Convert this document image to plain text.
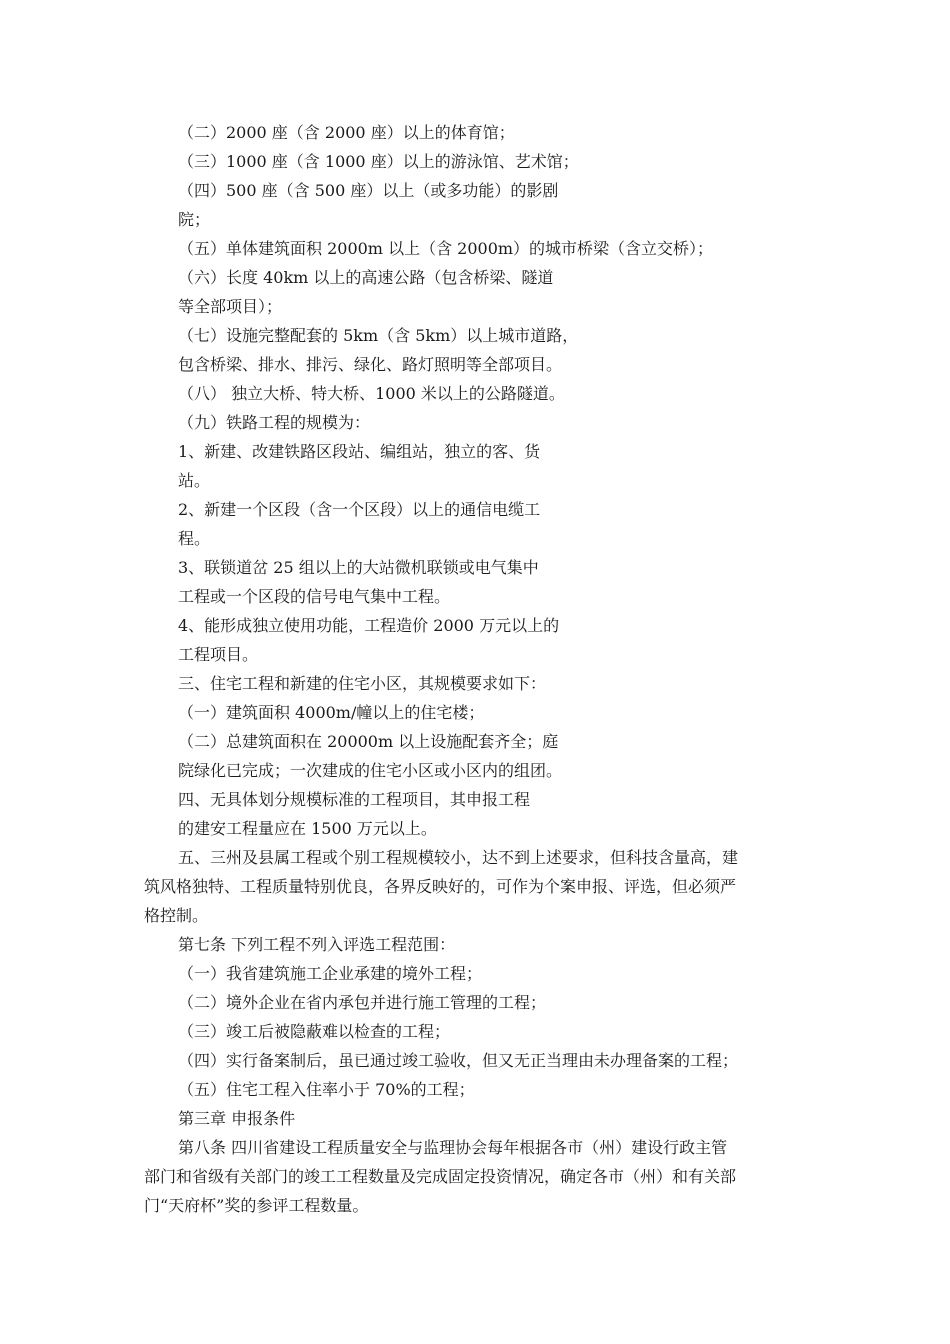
（二）2000 座（含 2000 座）以上的体育馆；
（三）1000 座（含 1000 座）以上的游泳馆、艺术馆；
（四）500 座（含 500 座）以上（或多功能）的影剧
院；
（五）单体建筑面积 2000m 以上（含 2000m）的城市桥梁（含立交桥）；
（六）长度 40km 以上的高速公路（包含桥梁、隧道
等全部项目）；
（七）设施完整配套的 5km（含 5km）以上城市道路，
包含桥梁、排水、排污、绿化、路灯照明等全部项目。
（八） 独立大桥、特大桥、1000 米以上的公路隧道。
（九）铁路工程的规模为：
1、新建、改建铁路区段站、编组站，独立的客、货
站。
2、新建一个区段（含一个区段）以上的通信电缆工
程。
3、联锁道岔 25 组以上的大站微机联锁或电气集中
工程或一个区段的信号电气集中工程。
4、能形成独立使用功能，工程造价 2000 万元以上的
工程项目。
三、住宅工程和新建的住宅小区，其规模要求如下：
（一）建筑面积 4000m/幢以上的住宅楼；
（二）总建筑面积在 20000m 以上设施配套齐全；庭
院绿化已完成；一次建成的住宅小区或小区内的组团。
四、无具体划分规模标准的工程项目，其申报工程
的建安工程量应在 1500 万元以上。
五、三州及县属工程或个别工程规模较小，达不到上述要求，但科技含量高，建
筑风格独特、工程质量特别优良，各界反映好的，可作为个案申报、评选，但必须严
格控制。
第七条 下列工程不列入评选工程范围：
（一）我省建筑施工企业承建的境外工程；
（二）境外企业在省内承包并进行施工管理的工程；
（三）竣工后被隐蔽难以检查的工程；
（四）实行备案制后，虽已通过竣工验收，但又无正当理由未办理备案的工程；
（五）住宅工程入住率小于 70%的工程；
第三章 申报条件
第八条 四川省建设工程质量安全与监理协会每年根据各市（州）建设行政主管
部门和省级有关部门的竣工工程数量及完成固定投资情况，确定各市（州）和有关部
门“天府杯”奖的参评工程数量。
